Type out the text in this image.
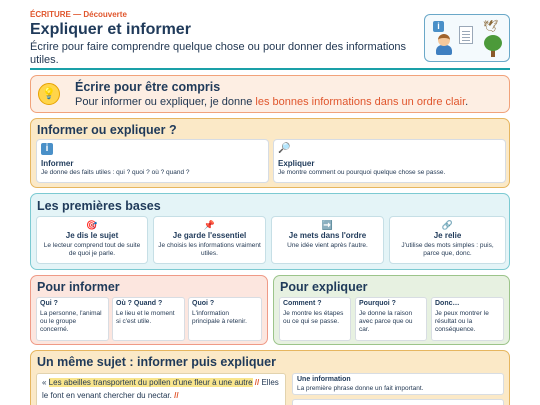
ÉCRITURE — Découverte
Expliquer et informer
Écrire pour faire comprendre quelque chose ou pour donner des informations utiles.
i	🕊
💡 Écrire pour être compris
Pour informer ou expliquer, je donne les bonnes informations dans un ordre clair.
Informer ou expliquer ?
i
Informer
Je donne des faits utiles : qui ? quoi ? où ? quand ?
🔎
Expliquer
Je montre comment ou pourquoi quelque chose se passe.
Les premières bases
🎯
Je dis le sujet
Le lecteur comprend tout de suite de quoi je parle.
📌
Je garde l'essentiel
Je choisis les informations vraiment utiles.
➡️
Je mets dans l'ordre
Une idée vient après l'autre.
🔗
Je relie
J'utilise des mots simples : puis, parce que, donc.
Pour informer
Qui ?
La personne, l'animal ou le groupe concerné.
Où ? Quand ?
Le lieu et le moment si c'est utile.
Quoi ?
L'information principale à retenir.
Pour expliquer
Comment ?
Je montre les étapes ou ce qui se passe.
Pourquoi ?
Je donne la raison avec parce que ou car.
Donc…
Je peux montrer le résultat ou la conséquence.
Un même sujet : informer puis expliquer
« Les abeilles transportent du pollen d'une fleur à une autre // Elles le font en venant chercher du nectar. //
Une information
La première phrase donne un fait important.
